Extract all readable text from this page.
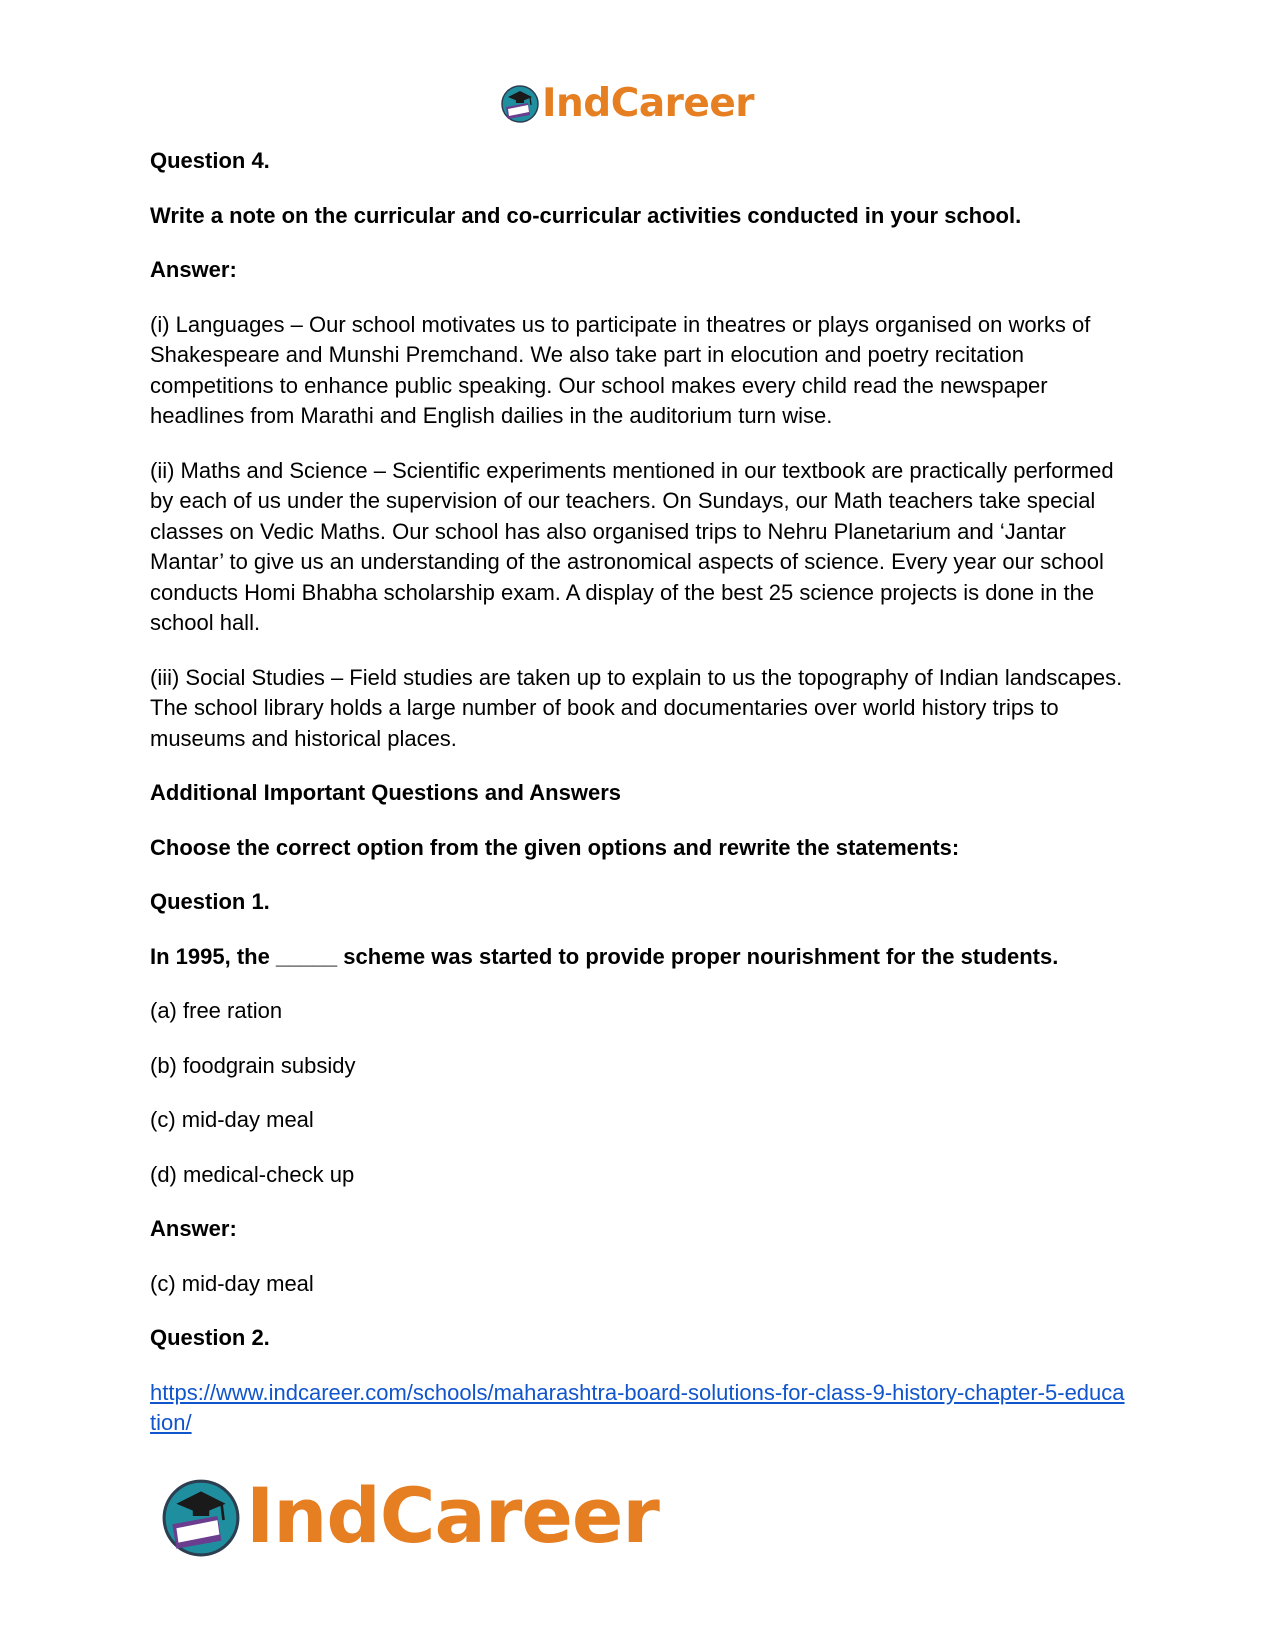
IndCareer

Question 4.

Write a note on the curricular and co-curricular activities conducted in your school.

Answer:

(i) Languages – Our school motivates us to participate in theatres or plays organised on works of Shakespeare and Munshi Premchand. We also take part in elocution and poetry recitation competitions to enhance public speaking. Our school makes every child read the newspaper headlines from Marathi and English dailies in the auditorium turn wise.

(ii) Maths and Science – Scientific experiments mentioned in our textbook are practically performed by each of us under the supervision of our teachers. On Sundays, our Math teachers take special classes on Vedic Maths. Our school has also organised trips to Nehru Planetarium and ‘Jantar Mantar’ to give us an understanding of the astronomical aspects of science. Every year our school conducts Homi Bhabha scholarship exam. A display of the best 25 science projects is done in the school hall.

(iii) Social Studies – Field studies are taken up to explain to us the topography of Indian landscapes. The school library holds a large number of book and documentaries over world history trips to museums and historical places.

Additional Important Questions and Answers

Choose the correct option from the given options and rewrite the statements:

Question 1.

In 1995, the _____ scheme was started to provide proper nourishment for the students.

(a) free ration

(b) foodgrain subsidy

(c) mid-day meal

(d) medical-check up

Answer:

(c) mid-day meal

Question 2.

https://www.indcareer.com/schools/maharashtra-board-solutions-for-class-9-history-chapter-5-education/

IndCareer
